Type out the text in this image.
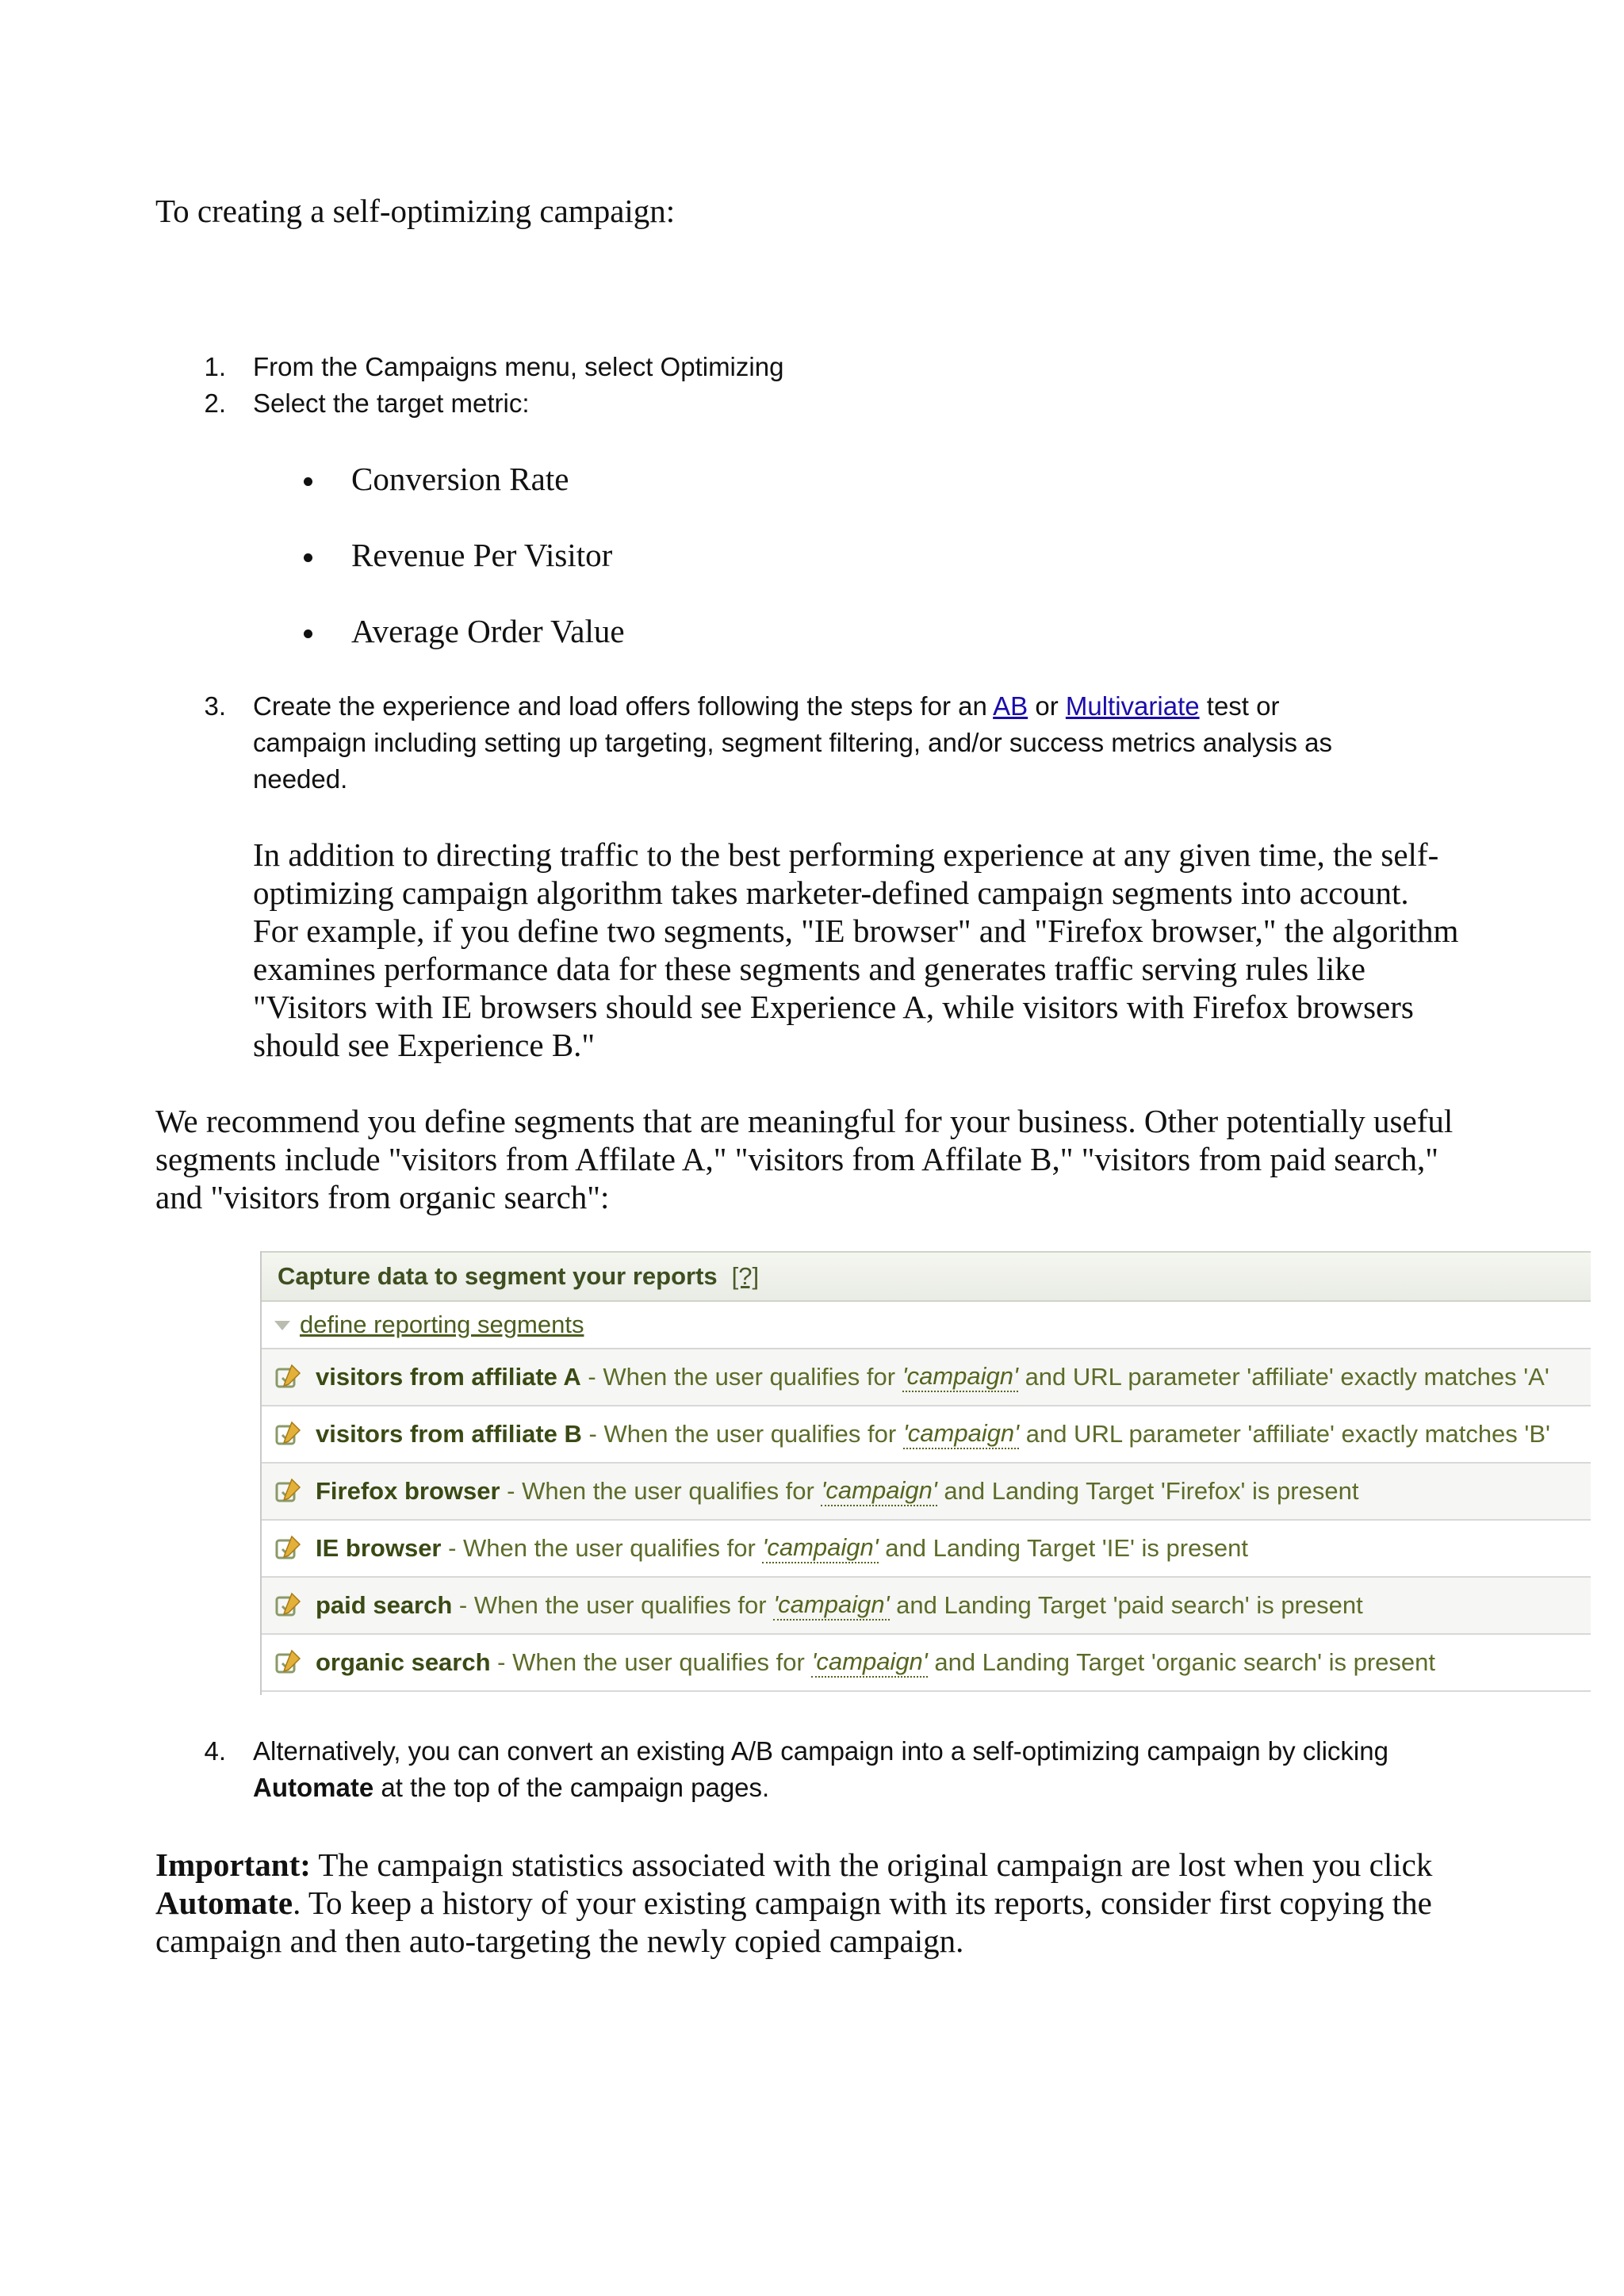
To creating a self-optimizing campaign:
1. From the Campaigns menu, select Optimizing
2. Select the target metric:
Conversion Rate
Revenue Per Visitor
Average Order Value
3. Create the experience and load offers following the steps for an AB or Multivariate test or
campaign including setting up targeting, segment filtering, and/or success metrics analysis as
needed.
In addition to directing traffic to the best performing experience at any given time, the self-
optimizing campaign algorithm takes marketer-defined campaign segments into account.
For example, if you define two segments, "IE browser" and "Firefox browser," the algorithm
examines performance data for these segments and generates traffic serving rules like
"Visitors with IE browsers should see Experience A, while visitors with Firefox browsers
should see Experience B."
We recommend you define segments that are meaningful for your business. Other potentially useful
segments include "visitors from Affilate A," "visitors from Affilate B," "visitors from paid search,"
and "visitors from organic search":
Capture data to segment your reports [?]
define reporting segments
visitors from affiliate A - When the user qualifies for 'campaign' and URL parameter 'affiliate' exactly matches 'A'
visitors from affiliate B - When the user qualifies for 'campaign' and URL parameter 'affiliate' exactly matches 'B'
Firefox browser - When the user qualifies for 'campaign' and Landing Target 'Firefox' is present
IE browser - When the user qualifies for 'campaign' and Landing Target 'IE' is present
paid search - When the user qualifies for 'campaign' and Landing Target 'paid search' is present
organic search - When the user qualifies for 'campaign' and Landing Target 'organic search' is present
4. Alternatively, you can convert an existing A/B campaign into a self-optimizing campaign by clicking
Automate at the top of the campaign pages.
Important: The campaign statistics associated with the original campaign are lost when you click
Automate. To keep a history of your existing campaign with its reports, consider first copying the
campaign and then auto-targeting the newly copied campaign.
